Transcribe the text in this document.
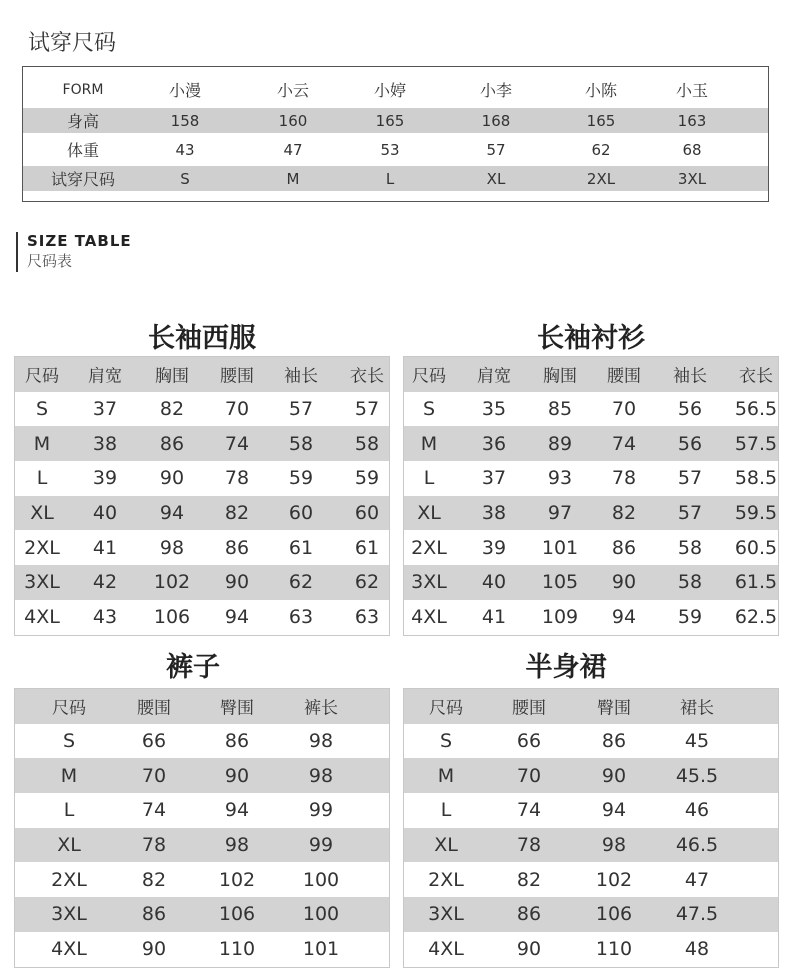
试穿尺码
FORM	小漫	小云	小婷	小李	小陈	小玉
身高	158	160	165	168	165	163
体重	43	47	53	57	62	68
试穿尺码	S	M	L	XL	2XL	3XL
SIZE TABLE
尺码表
长袖西服
尺码 肩宽 胸围 腰围 袖长 衣长
S 37 82 70 57 57
M 38 86 74 58 58
L 39 90 78 59 59
XL 40 94 82 60 60
2XL 41 98 86 61 61
3XL 42 102 90 62 62
4XL 43 106 94 63 63
长袖衬衫
尺码 肩宽 胸围 腰围 袖长 衣长
S 35 85 70 56 56.5
M 36 89 74 56 57.5
L	37 93 78 57 58.5
XL 38 97 82 57 59.5
2XL 39 101 86 58 60.5
3XL 40 105 90 58 61.5
4XL 41 109 94 59 62.5
裤子
尺码	腰围	臀围	裤长
S	66	86	98
M	70	90	98
L	74	94	99
XL	78	98	99
2XL	82	102	100
3XL	86	106	100
4XL	90	110	101
半身裙
尺码	腰围	臀围	裙长
S	66	86	45
M	70	90	45.5
L	74	94	46
XL	78	98	46.5
2XL	82	102	47
3XL	86	106 47.5
4XL	90	110	48
